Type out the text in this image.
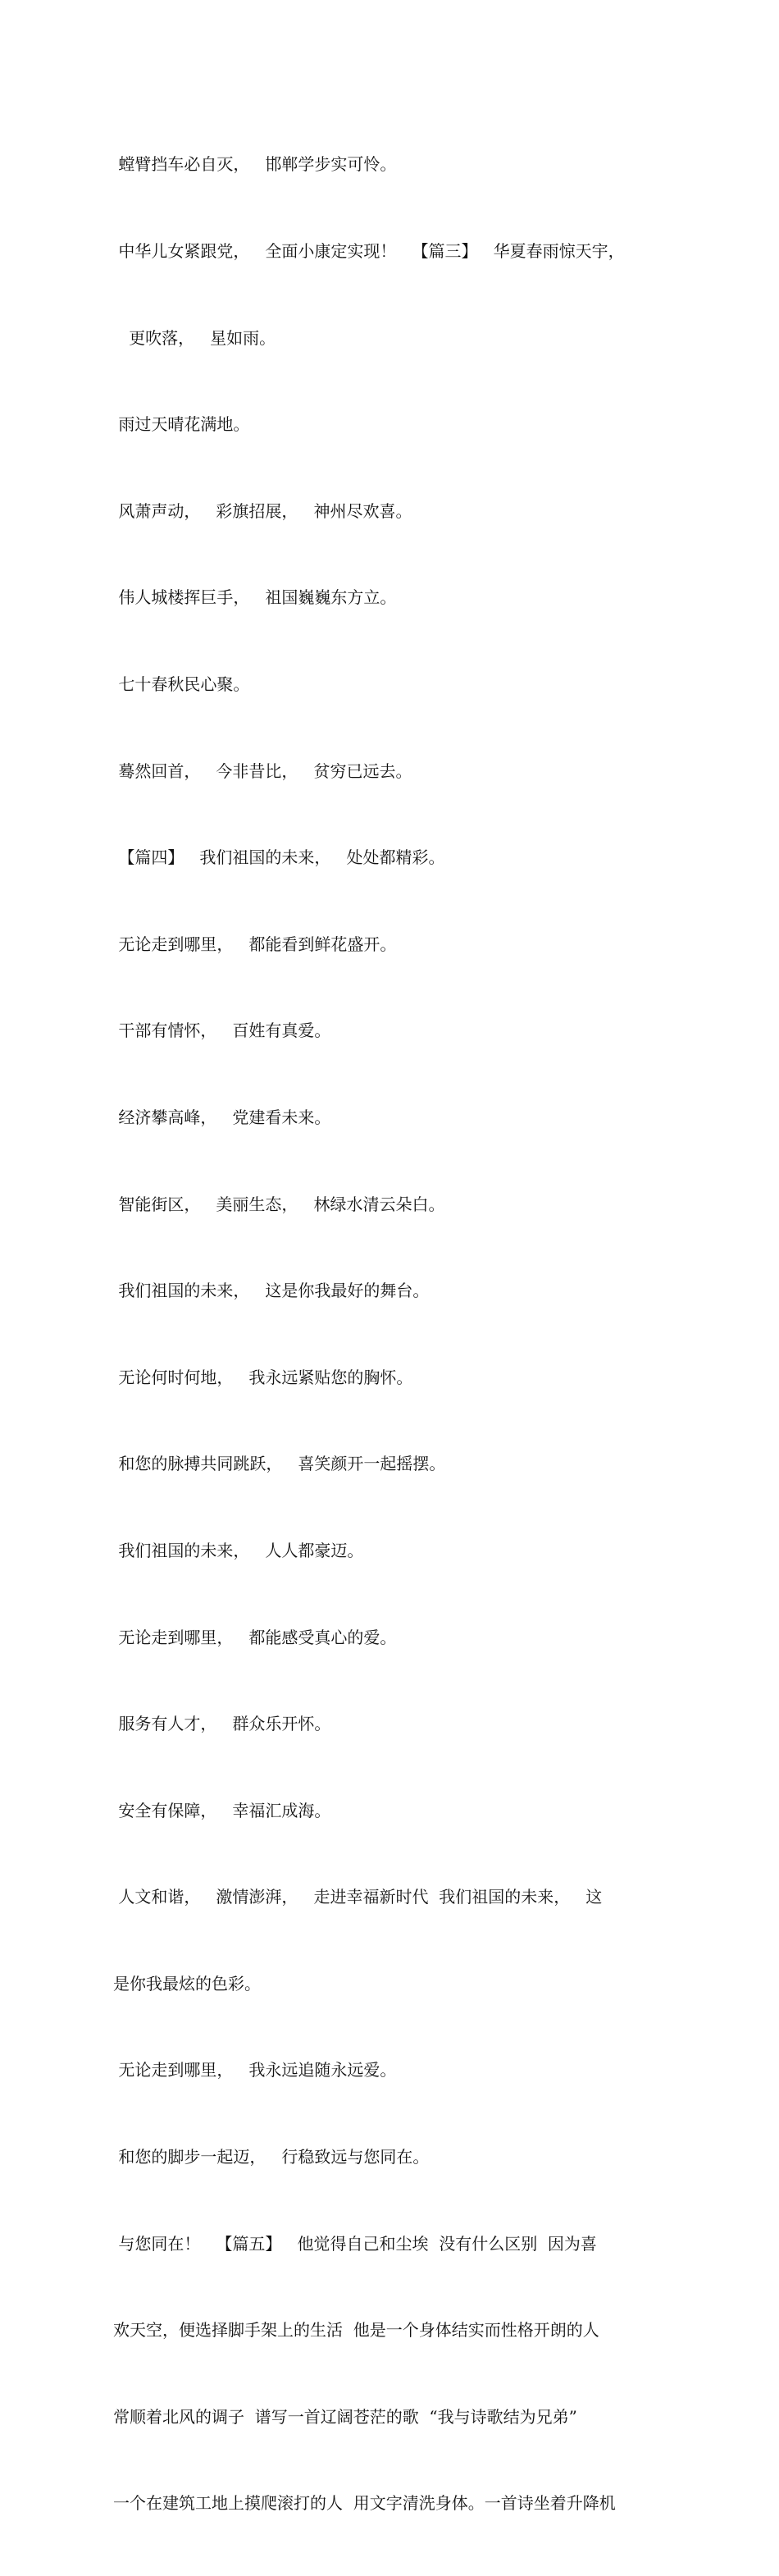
螳臂挡车必自灭，   邯郸学步实可怜。

中华儿女紧跟党，   全面小康定实现！   【篇三】   华夏春雨惊天宇，

更吹落，   星如雨。

雨过天晴花满地。

风萧声动，   彩旗招展，   神州尽欢喜。

伟人城楼挥巨手，   祖国巍巍东方立。

七十春秋民心聚。

蓦然回首，   今非昔比，   贫穷已远去。

【篇四】   我们祖国的未来，   处处都精彩。

无论走到哪里，   都能看到鲜花盛开。

干部有情怀，   百姓有真爱。

经济攀高峰，   党建看未来。

智能街区，   美丽生态，   林绿水清云朵白。

我们祖国的未来，   这是你我最好的舞台。

无论何时何地，   我永远紧贴您的胸怀。

和您的脉搏共同跳跃，   喜笑颜开一起摇摆。

我们祖国的未来，   人人都豪迈。

无论走到哪里，   都能感受真心的爱。

服务有人才，   群众乐开怀。

安全有保障，   幸福汇成海。

人文和谐，   激情澎湃，   走进幸福新时代  我们祖国的未来，   这

是你我最炫的色彩。

无论走到哪里，   我永远追随永远爱。

和您的脚步一起迈，   行稳致远与您同在。

与您同在！   【篇五】   他觉得自己和尘埃  没有什么区别  因为喜

欢天空，便选择脚手架上的生活  他是一个身体结实而性格开朗的人

常顺着北风的调子  谱写一首辽阔苍茫的歌  “我与诗歌结为兄弟”

一个在建筑工地上摸爬滚打的人  用文字清洗身体。一首诗坐着升降机
